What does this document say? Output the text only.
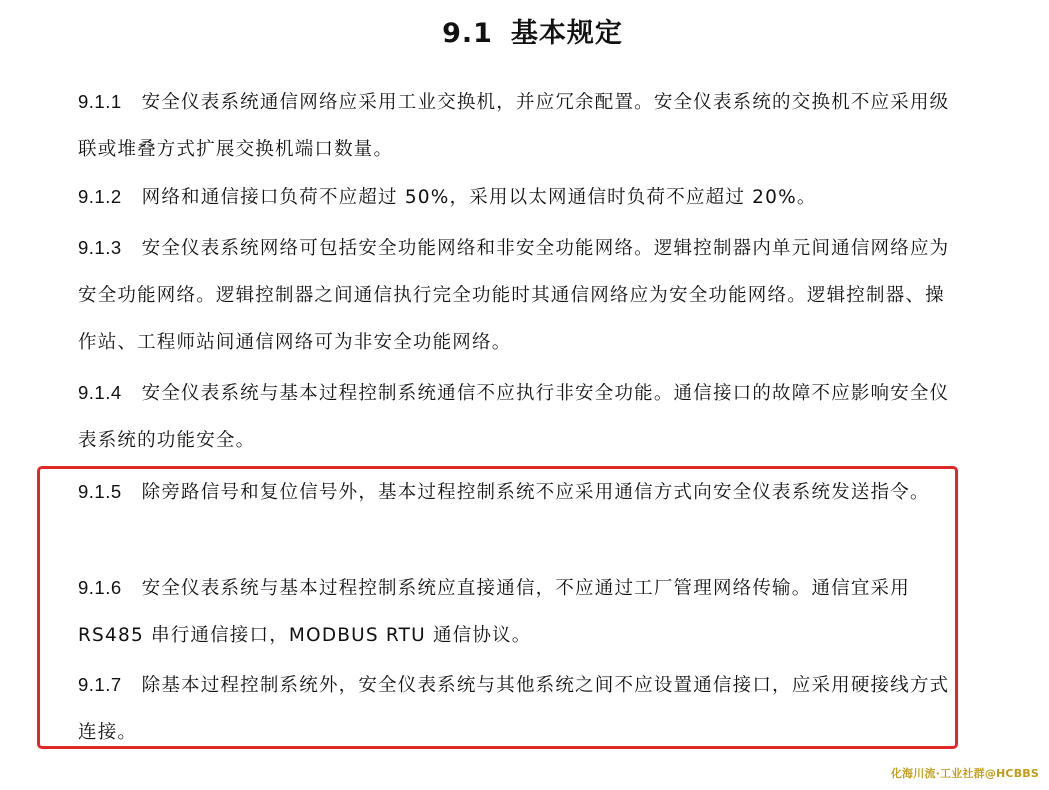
9.1 基本规定

9.1.1 安全仪表系统通信网络应采用工业交换机，并应冗余配置。安全仪表系统的交换机不应采用级联或堆叠方式扩展交换机端口数量。

9.1.2 网络和通信接口负荷不应超过 50%，采用以太网通信时负荷不应超过 20%。

9.1.3 安全仪表系统网络可包括安全功能网络和非安全功能网络。逻辑控制器内单元间通信网络应为安全功能网络。逻辑控制器之间通信执行完全功能时其通信网络应为安全功能网络。逻辑控制器、操作站、工程师站间通信网络可为非安全功能网络。

9.1.4 安全仪表系统与基本过程控制系统通信不应执行非安全功能。通信接口的故障不应影响安全仪表系统的功能安全。

9.1.5 除旁路信号和复位信号外，基本过程控制系统不应采用通信方式向安全仪表系统发送指令。

9.1.6 安全仪表系统与基本过程控制系统应直接通信，不应通过工厂管理网络传输。通信宜采用 RS485 串行通信接口，MODBUS RTU 通信协议。

9.1.7 除基本过程控制系统外，安全仪表系统与其他系统之间不应设置通信接口，应采用硬接线方式连接。

化海川流·工业社群@HCBBS
